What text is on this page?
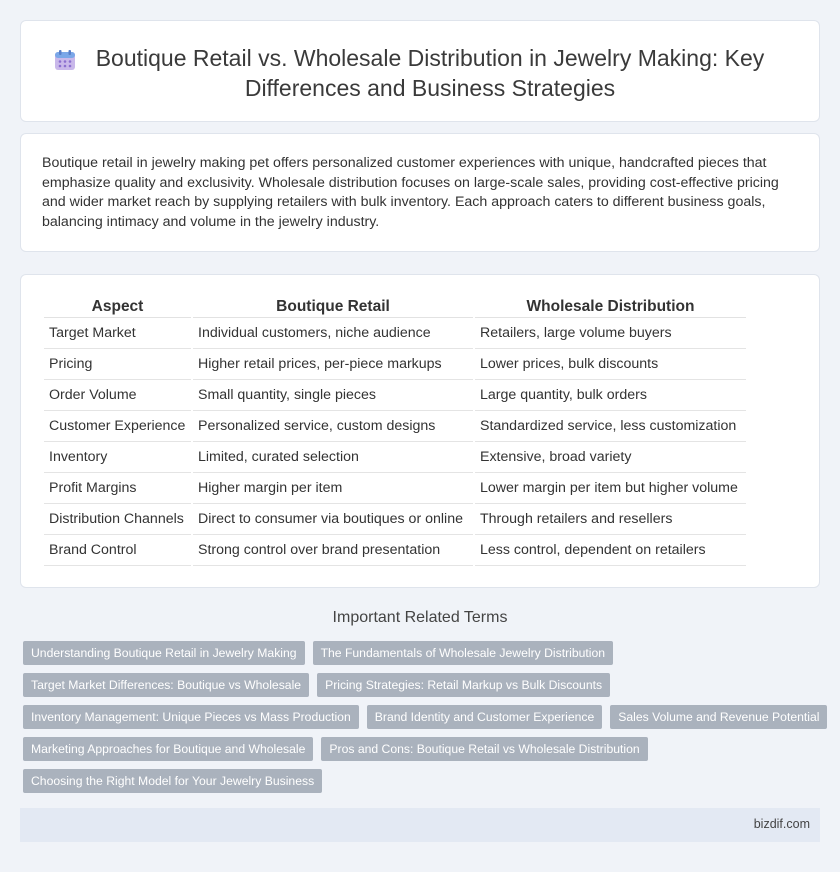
Boutique Retail vs. Wholesale Distribution in Jewelry Making: Key Differences and Business Strategies

Boutique retail in jewelry making pet offers personalized customer experiences with unique, handcrafted pieces that emphasize quality and exclusivity. Wholesale distribution focuses on large-scale sales, providing cost-effective pricing and wider market reach by supplying retailers with bulk inventory. Each approach caters to different business goals, balancing intimacy and volume in the jewelry industry.

Aspect	Boutique Retail	Wholesale Distribution
Target Market	Individual customers, niche audience	Retailers, large volume buyers
Pricing	Higher retail prices, per-piece markups	Lower prices, bulk discounts
Order Volume	Small quantity, single pieces	Large quantity, bulk orders
Customer Experience	Personalized service, custom designs	Standardized service, less customization
Inventory	Limited, curated selection	Extensive, broad variety
Profit Margins	Higher margin per item	Lower margin per item but higher volume
Distribution Channels	Direct to consumer via boutiques or online	Through retailers and resellers
Brand Control	Strong control over brand presentation	Less control, dependent on retailers
Important Related Terms
Understanding Boutique Retail in Jewelry Making	The Fundamentals of Wholesale Jewelry Distribution
Target Market Differences: Boutique vs Wholesale	Pricing Strategies: Retail Markup vs Bulk Discounts
Inventory Management: Unique Pieces vs Mass Production	Brand Identity and Customer Experience	Sales Volume and Revenue Potential
Marketing Approaches for Boutique and Wholesale	Pros and Cons: Boutique Retail vs Wholesale Distribution
Choosing the Right Model for Your Jewelry Business
bizdif.com
